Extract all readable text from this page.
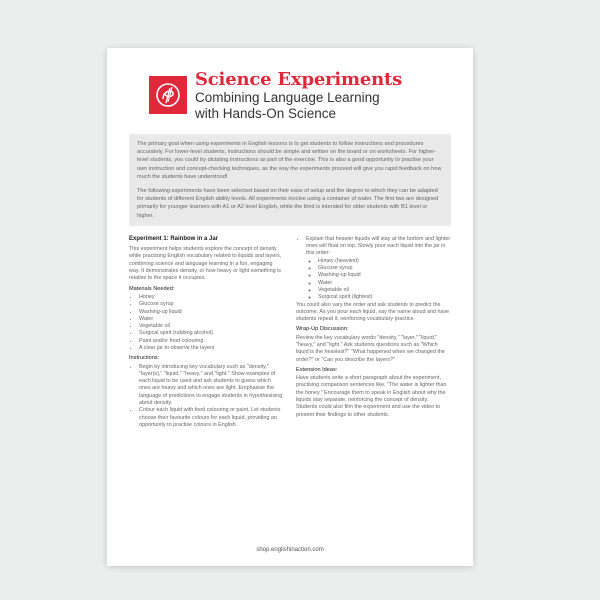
Science Experiments
Combining Language Learning
with Hands-On Science

The primary goal when using experiments in English lessons is to get students to follow instructions and procedures accurately. For lower-level students, instructions should be simple and written on the board or on worksheets. For higher-level students, you could try dictating instructions as part of the exercise. This is also a good opportunity to practise your own instruction and concept-checking techniques, as the way the experiments proceed will give you rapid feedback on how much the students have understood!

The following experiments have been selected based on their ease of setup and the degree to which they can be adapted for students of different English ability levels. All experiments involve using a container of water. The first two are designed primarily for younger learners with A1 or A2 level English, while the third is intended for older students with B1 level or higher.

Experiment 1: Rainbow in a Jar

This experiment helps students explore the concept of density while practising English vocabulary related to liquids and layers, combining science and language learning in a fun, engaging way. It demonstrates density, or how heavy or light something is relative to the space it occupies.

Materials Needed:
• Honey
• Glucose syrup
• Washing-up liquid
• Water
• Vegetable oil
• Surgical spirit (rubbing alcohol)
• Paint and/or food colouring
• A clear jar to observe the layers
Instructions:
• Begin by introducing key vocabulary such as "density," "layer(s)," "liquid," "heavy," and "light." Show examples of each liquid to be used and ask students to guess which ones are heavy and which ones are light. Emphasise the language of predictions to engage students in hypothesising about density.
• Colour each liquid with food colouring or paint. Let students choose their favourite colours for each liquid, providing an opportunity to practise colours in English.
• Explain that heavier liquids will stay at the bottom and lighter ones will float on top. Slowly pour each liquid into the jar in this order:
◦ Honey (heaviest)
◦ Glucose syrup
◦ Washing-up liquid
◦ Water
◦ Vegetable oil
◦ Surgical spirit (lightest)

You could also vary the order and ask students to predict the outcome. As you pour each liquid, say the name aloud and have students repeat it, reinforcing vocabulary practice.

Wrap-Up Discussion:

Review the key vocabulary words "density," "layer," "liquid," "heavy," and "light." Ask students questions such as "Which liquid is the heaviest?" "What happened when we changed the order?" or "Can you describe the layers?"

Extension Ideas:

Have students write a short paragraph about the experiment, practising comparison sentences like, "The water is lighter than the honey." Encourage them to speak in English about why the liquids stay separate, reinforcing the concept of density. Students could also film the experiment and use the video to present their findings to other students.

shop.englishinaction.com
